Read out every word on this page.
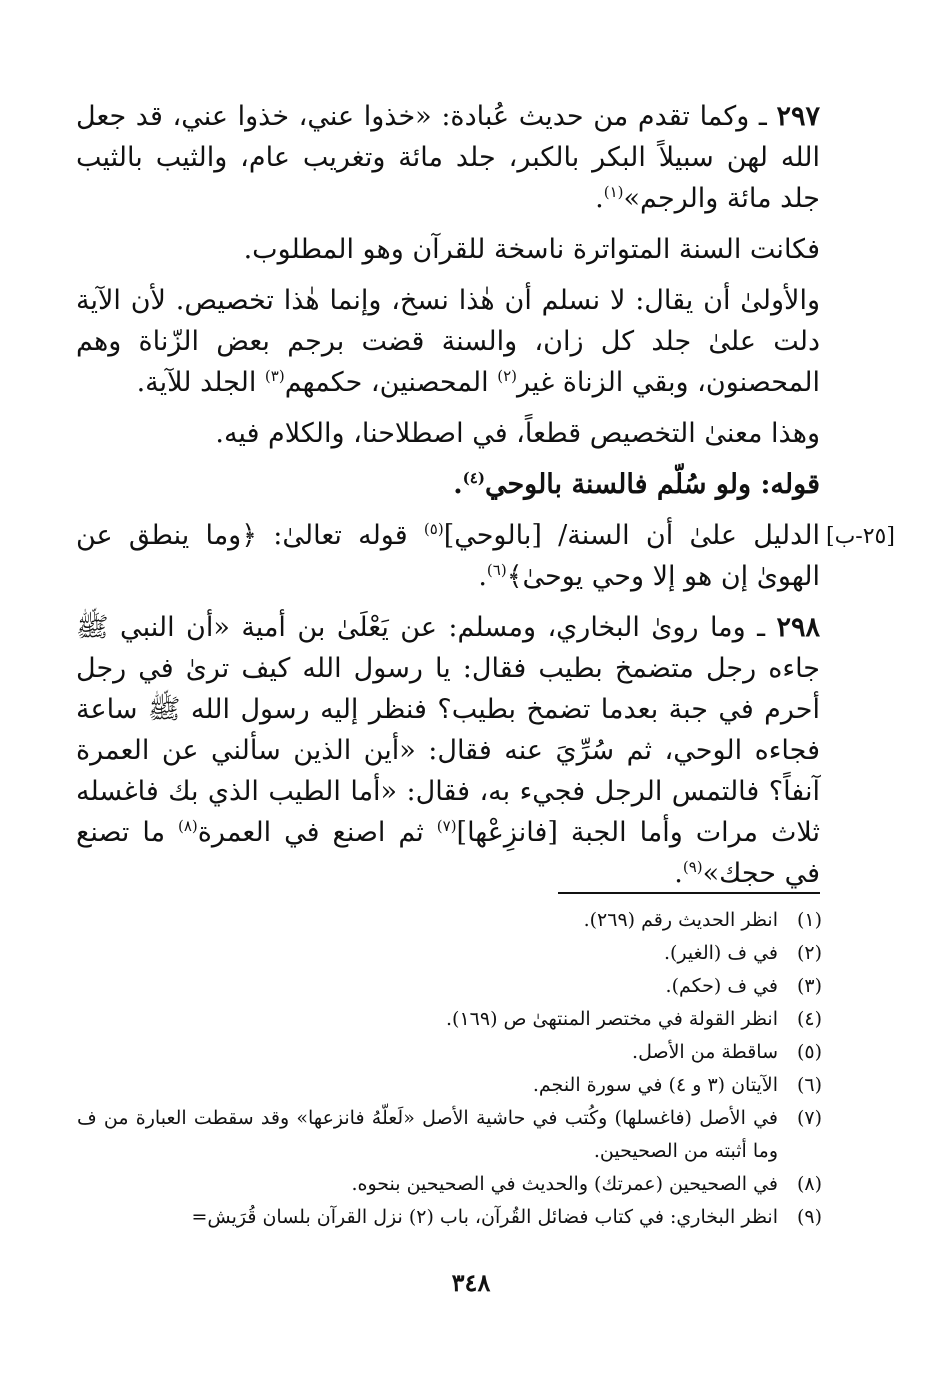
[٢٥-ب]

٢٩٧ ـ وكما تقدم من حديث عُبادة: «خذوا عني، خذوا عني، قد جعل الله لهن سبيلاً البكر بالكبر، جلد مائة وتغريب عام، والثيب بالثيب جلد مائة والرجم»$^{(١)}$.

فكانت السنة المتواترة ناسخة للقرآن وهو المطلوب.

والأولىٰ أن يقال: لا نسلم أن هٰذا نسخ، وإنما هٰذا تخصيص. لأن الآية دلت علىٰ جلد كل زان، والسنة قضت برجم بعض الزّناة وهم المحصنون، وبقي الزناة غير$^{(٢)}$ المحصنين، حكمهم$^{(٣)}$ الجلد للآية.

وهذا معنىٰ التخصيص قطعاً، في اصطلاحنا، والكلام فيه.

قوله: ولو سُلّم فالسنة بالوحي$^{(٤)}$.

الدليل علىٰ أن السنة/ [بالوحي]$^{(٥)}$ قوله تعالىٰ: ﴿وما ينطق عن الهوىٰ إن هو إلا وحي يوحىٰ﴾$^{(٦)}$.

٢٩٨ ـ وما روىٰ البخاري، ومسلم: عن يَعْلَىٰ بن أمية «أن النبي ﷺ جاءه رجل متضمخ بطيب فقال: يا رسول الله كيف ترىٰ في رجل أحرم في جبة بعدما تضمخ بطيب؟ فنظر إليه رسول الله ﷺ ساعة فجاءه الوحي، ثم سُرِّيَ عنه فقال: «أين الذين سألني عن العمرة آنفاً؟ فالتمس الرجل فجيء به، فقال: «أما الطيب الذي بك فاغسله ثلاث مرات وأما الجبة [فانزِعْها]$^{(٧)}$ ثم اصنع في العمرة$^{(٨)}$ ما تصنع في حجك»$^{(٩)}$.

(١)
انظر الحديث رقم (٢٦٩).
(٢)
في ف (الغير).
(٣)
في ف (حكم).
(٤)
انظر القولة في مختصر المنتهىٰ ص (١٦٩).
(٥)
ساقطة من الأصل.
(٦)
الآيتان (٣ و ٤) في سورة النجم.
(٧)
في الأصل (فاغسلها) وكُتب في حاشية الأصل «لَعلّهُ فانزعها» وقد سقطت العبارة من ف وما أثبته من الصحيحين.
(٨)
في الصحيحين (عمرتك) والحديث في الصحيحين بنحوه.
(٩)
انظر البخاري: في كتاب فضائل القُرآن، باب (٢) نزل القرآن بلسان قُرَيش=
٣٤٨
